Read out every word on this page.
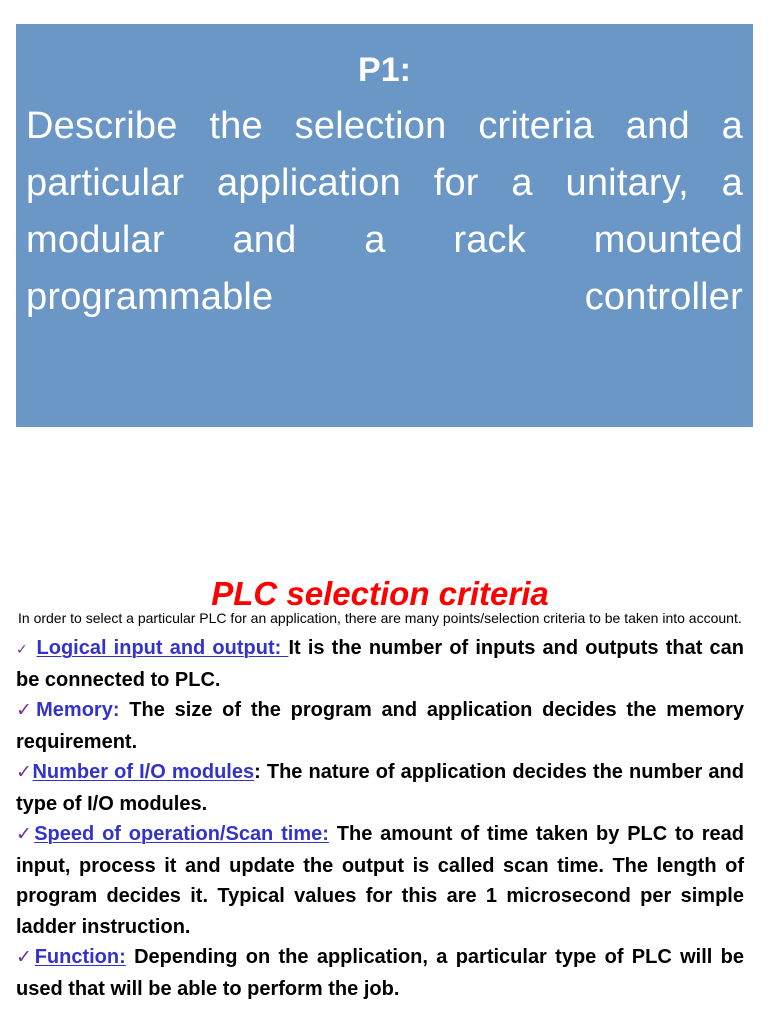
P1:

Describe the selection criteria and a particular application for a unitary, a modular and a rack mounted programmable controller

PLC selection criteria

In order to select a particular PLC for an application, there are many points/selection criteria to be taken into account.

✓ Logical input and output: It is the number of inputs and outputs that can be connected to PLC.
✓Memory: The size of the program and application decides the memory requirement.
✓Number of I/O modules: The nature of application decides the number and type of I/O modules.
✓Speed of operation/Scan time: The amount of time taken by PLC to read input, process it and update the output is called scan time. The length of program decides it. Typical values for this are 1 microsecond per simple ladder instruction.
✓Function: Depending on the application, a particular type of PLC will be used that will be able to perform the job.
